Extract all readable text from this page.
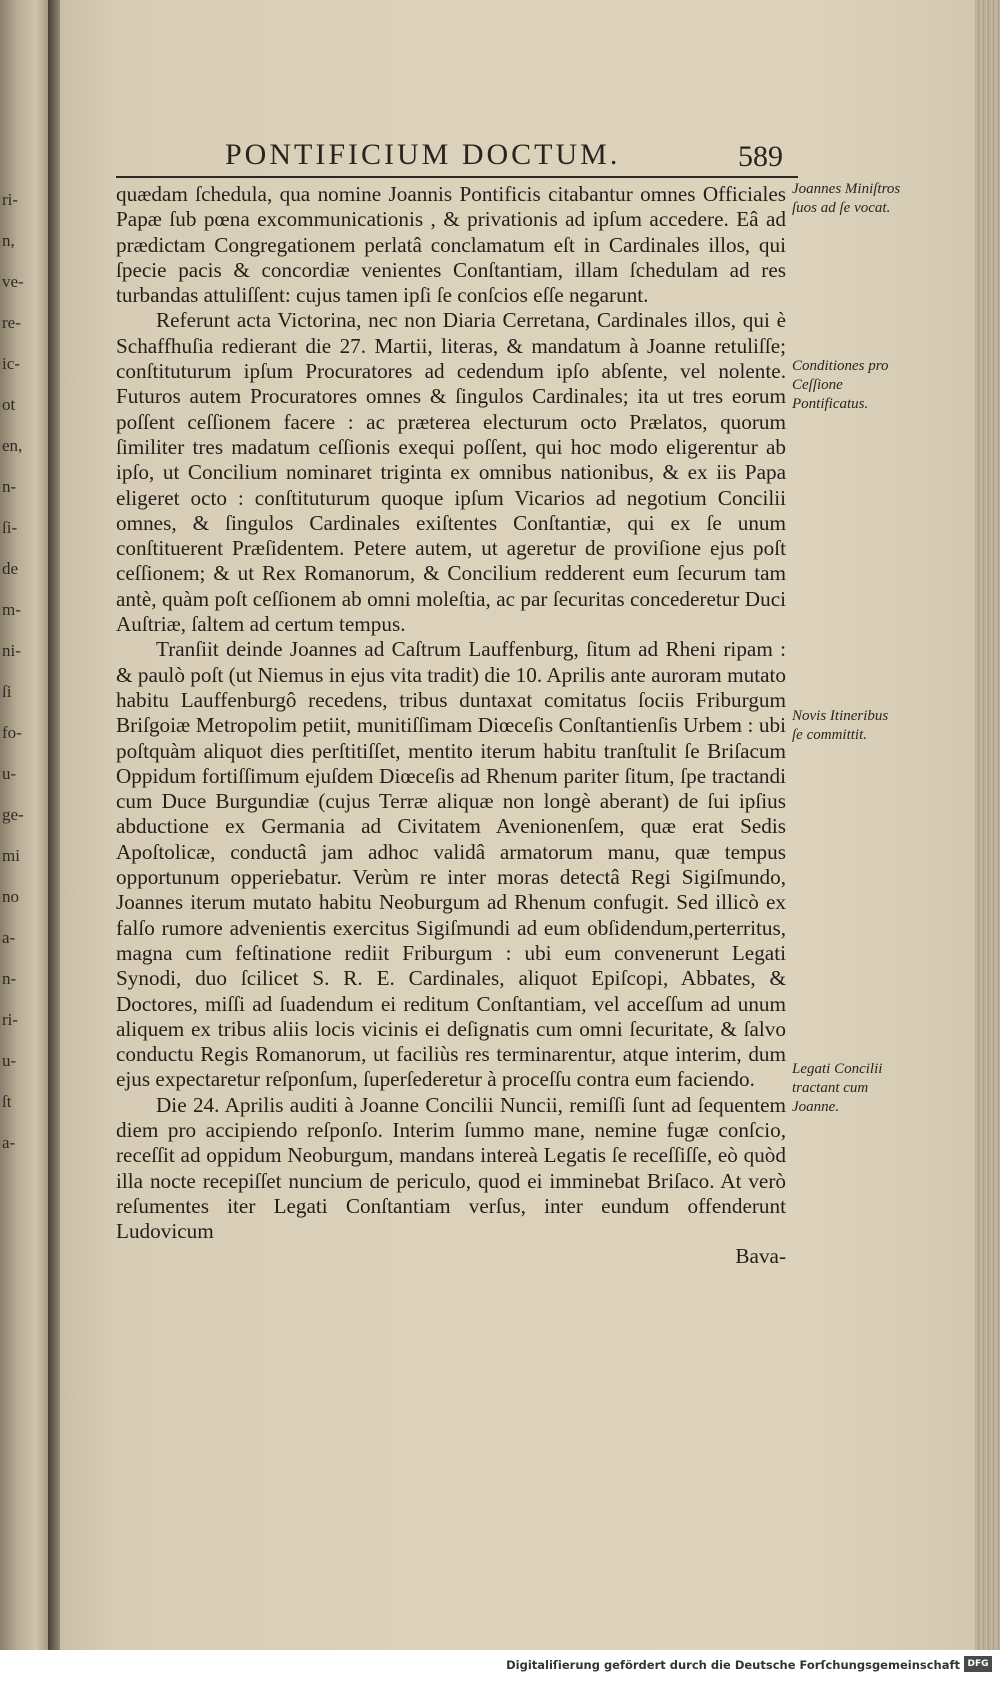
ri-
n,
ve-
re-
ic-
ot
en,
n-
ſi-
de
m-
ni-
ſi
fo-
u-
ge-
mi
no
a-
n-
ri-
u-
ſt
a-
PONTIFICIUM DOCTUM.	589

quædam ſchedula, qua nomine Joannis Pontificis citabantur omnes Officiales Papæ ſub pœna excommunicationis , & privationis ad ipſum accedere. Eâ ad prædictam Congregationem perlatâ conclamatum eſt in Cardinales illos, qui ſpecie pacis & concordiæ venientes Conſtantiam, illam ſchedulam ad res turbandas attuliſſent: cujus tamen ipſi ſe conſcios eſſe negarunt.

Referunt acta Victorina, nec non Diaria Cerretana, Cardinales illos, qui è Schaffhuſia redierant die 27. Martii, literas, & mandatum à Joanne retuliſſe; conſtituturum ipſum Procuratores ad cedendum ipſo abſente, vel nolente. Futuros autem Procuratores omnes & ſingulos Cardinales; ita ut tres eorum poſſent ceſſionem facere : ac præterea electurum octo Prælatos, quorum ſimiliter tres madatum ceſſionis exequi poſſent, qui hoc modo eligerentur ab ipſo, ut Concilium nominaret triginta ex omnibus nationibus, & ex iis Papa eligeret octo : conſtituturum quoque ipſum Vicarios ad negotium Concilii omnes, & ſingulos Cardinales exiſtentes Conſtantiæ, qui ex ſe unum conſtituerent Præſidentem. Petere autem, ut ageretur de proviſione ejus poſt ceſſionem; & ut Rex Romanorum, & Concilium redderent eum ſecurum tam antè, quàm poſt ceſſionem ab omni moleſtia, ac par ſecuritas concederetur Duci Auſtriæ, ſaltem ad certum tempus.

Tranſiit deinde Joannes ad Caſtrum Lauffenburg, ſitum ad Rheni ripam : & paulò poſt (ut Niemus in ejus vita tradit) die 10. Aprilis ante auroram mutato habitu Lauffenburgô recedens, tribus duntaxat comitatus ſociis Friburgum Briſgoiæ Metropolim petiit, munitiſſimam Diœceſis Conſtantienſis Urbem : ubi poſtquàm aliquot dies perſtitiſſet, mentito iterum habitu tranſtulit ſe Briſacum Oppidum fortiſſimum ejuſdem Diœceſis ad Rhenum pariter ſitum, ſpe tractandi cum Duce Burgundiæ (cujus Terræ aliquæ non longè aberant) de ſui ipſius abductione ex Germania ad Civitatem Avenionenſem, quæ erat Sedis Apoſtolicæ, conductâ jam adhoc validâ armatorum manu, quæ tempus opportunum opperiebatur. Verùm re inter moras detectâ Regi Sigiſmundo, Joannes iterum mutato habitu Neoburgum ad Rhenum confugit. Sed illicò ex falſo rumore advenientis exercitus Sigiſmundi ad eum obſidendum,perterritus, magna cum feſtinatione rediit Friburgum : ubi eum convenerunt Legati Synodi, duo ſcilicet S. R. E. Cardinales, aliquot Epiſcopi, Abbates, & Doctores, miſſi ad ſuadendum ei reditum Conſtantiam, vel acceſſum ad unum aliquem ex tribus aliis locis vicinis ei deſignatis cum omni ſecuritate, & ſalvo conductu Regis Romanorum, ut faciliùs res terminarentur, atque interim, dum ejus expectaretur reſponſum, ſuperſederetur à proceſſu contra eum faciendo.

Die 24. Aprilis auditi à Joanne Concilii Nuncii, remiſſi ſunt ad ſequentem diem pro accipiendo reſponſo. Interim ſummo mane, nemine fugæ conſcio, receſſit ad oppidum Neoburgum, mandans intereà Legatis ſe receſſiſſe, eò quòd illa nocte recepiſſet nuncium de periculo, quod ei imminebat Briſaco. At verò reſumentes iter Legati Conſtantiam verſus, inter eundum offenderunt Ludovicum

Bava-

Joannes Miniſtros ſuos ad ſe vocat.
Conditiones pro Ceſſione Pontificatus.
Novis Itineribus ſe committit.
Legati Concilii tractant cum Joanne.
Digitaliſierung gefördert durch die Deutsche Forſchungsgemeinschaft DFG
